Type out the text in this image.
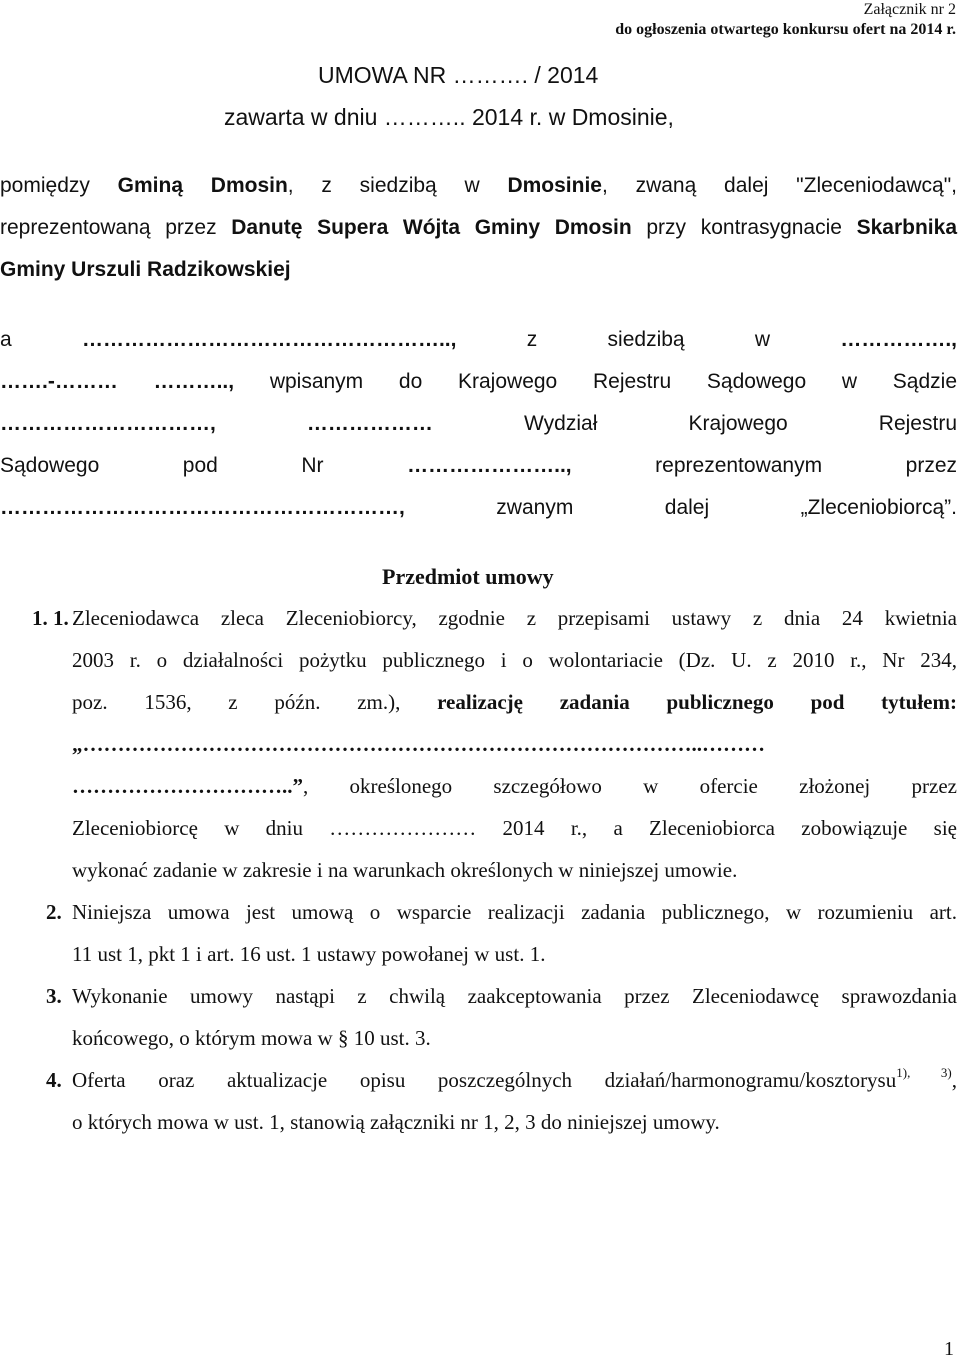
Załącznik nr 2
do ogłoszenia otwartego konkursu ofert na 2014 r.
UMOWA NR ………. / 2014
zawarta w dniu ……….. 2014 r. w Dmosinie,
pomiędzy Gminą Dmosin, z siedzibą w Dmosinie, zwaną dalej "Zleceniodawcą",
reprezentowaną przez Danutę Supera Wójta Gminy Dmosin przy kontrasygnacie Skarbnika
Gminy Urszuli Radzikowskiej
a …………………………………………….., z siedzibą w …………….,
…….-……… ……….., wpisanym do Krajowego Rejestru Sądowego w Sądzie
…………………………, ……………… Wydział Krajowego Rejestru
Sądowego pod Nr ………………….., reprezentowanym przez
…………………………………………………, zwanym dalej „Zleceniobiorcą”.
Przedmiot umowy
1. 1. Zleceniodawca zleca Zleceniobiorcy, zgodnie z przepisami ustawy z dnia 24 kwietnia
2003 r. o działalności pożytku publicznego i o wolontariacie (Dz. U. z 2010 r., Nr 234,
poz. 1536, z późn. zm.), realizację zadania publicznego pod tytułem:
„……………………………………………………………………………..………
…………………………..”, określonego szczegółowo w ofercie złożonej przez
Zleceniobiorcę w dniu ………………… 2014 r., a Zleceniobiorca zobowiązuje się
wykonać zadanie w zakresie i na warunkach określonych w niniejszej umowie.
2. Niniejsza umowa jest umową o wsparcie realizacji zadania publicznego, w rozumieniu art.
11 ust 1, pkt 1 i art. 16 ust. 1 ustawy powołanej w ust. 1.
3. Wykonanie umowy nastąpi z chwilą zaakceptowania przez Zleceniodawcę sprawozdania
końcowego, o którym mowa w § 10 ust. 3.
4. Oferta oraz aktualizacje opisu poszczególnych działań/harmonogramu/kosztorysu$^{1), 3)}$,
o których mowa w ust. 1, stanowią załączniki nr 1, 2, 3 do niniejszej umowy.
1
